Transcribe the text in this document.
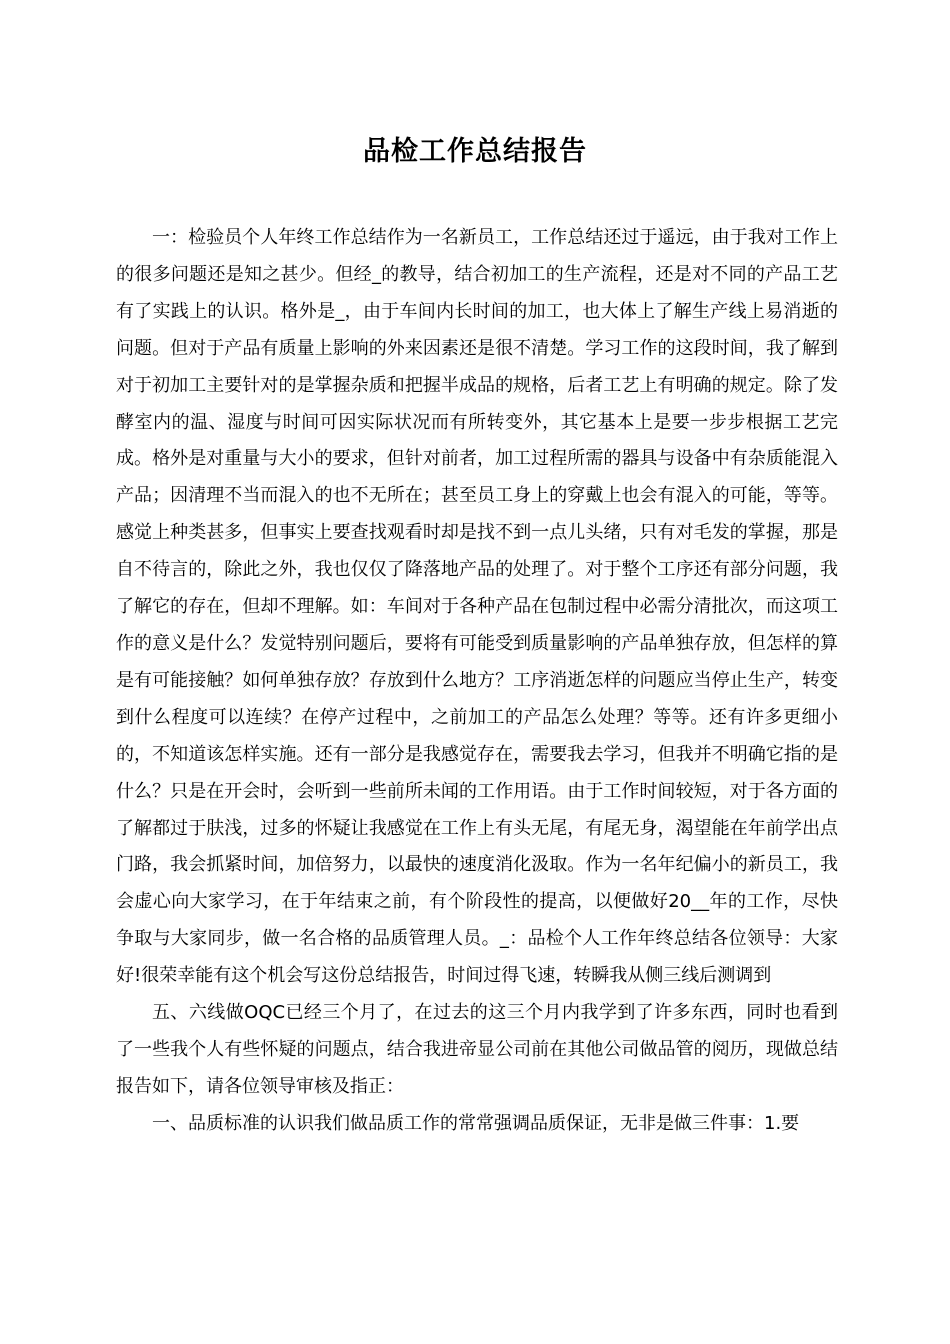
品检工作总结报告

一：检验员个人年终工作总结作为一名新员工，工作总结还过于遥远，由于我对工作上的很多问题还是知之甚少。但经_的教导，结合初加工的生产流程，还是对不同的产品工艺有了实践上的认识。格外是_，由于车间内长时间的加工，也大体上了解生产线上易消逝的问题。但对于产品有质量上影响的外来因素还是很不清楚。学习工作的这段时间，我了解到对于初加工主要针对的是掌握杂质和把握半成品的规格，后者工艺上有明确的规定。除了发酵室内的温、湿度与时间可因实际状况而有所转变外，其它基本上是要一步步根据工艺完成。格外是对重量与大小的要求，但针对前者，加工过程所需的器具与设备中有杂质能混入产品；因清理不当而混入的也不无所在；甚至员工身上的穿戴上也会有混入的可能，等等。感觉上种类甚多，但事实上要查找观看时却是找不到一点儿头绪，只有对毛发的掌握，那是自不待言的，除此之外，我也仅仅了降落地产品的处理了。对于整个工序还有部分问题，我了解它的存在，但却不理解。如：车间对于各种产品在包制过程中必需分清批次，而这项工作的意义是什么？发觉特别问题后，要将有可能受到质量影响的产品单独存放，但怎样的算是有可能接触？如何单独存放？存放到什么地方？工序消逝怎样的问题应当停止生产，转变到什么程度可以连续？在停产过程中，之前加工的产品怎么处理？等等。还有许多更细小的，不知道该怎样实施。还有一部分是我感觉存在，需要我去学习，但我并不明确它指的是什么？只是在开会时，会听到一些前所未闻的工作用语。由于工作时间较短，对于各方面的了解都过于肤浅，过多的怀疑让我感觉在工作上有头无尾，有尾无身，渴望能在年前学出点门路，我会抓紧时间，加倍努力，以最快的速度消化汲取。作为一名年纪偏小的新员工，我会虚心向大家学习，在于年结束之前，有个阶段性的提高，以便做好20__年的工作，尽快争取与大家同步，做一名合格的品质管理人员。_：品检个人工作年终总结各位领导：大家好!很荣幸能有这个机会写这份总结报告，时间过得飞速，转瞬我从侧三线后测调到

五、六线做OQC已经三个月了，在过去的这三个月内我学到了许多东西，同时也看到了一些我个人有些怀疑的问题点，结合我进帝显公司前在其他公司做品管的阅历，现做总结报告如下，请各位领导审核及指正：

一、品质标准的认识我们做品质工作的常常强调品质保证，无非是做三件事：1.要
